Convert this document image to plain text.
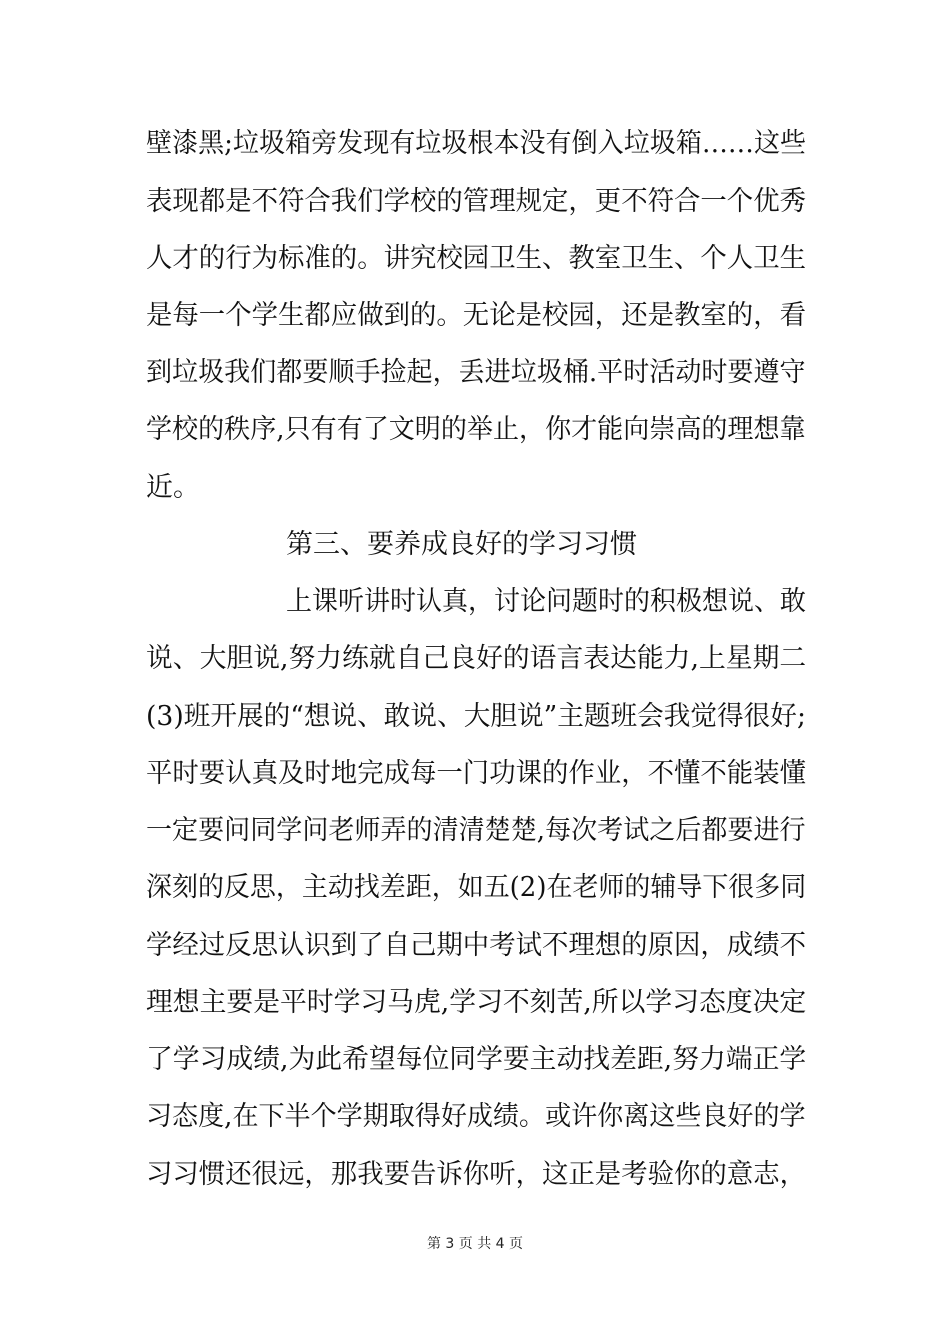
壁漆黑;垃圾箱旁发现有垃圾根本没有倒入垃圾箱……这些
表现都是不符合我们学校的管理规定，更不符合一个优秀
人才的行为标准的。讲究校园卫生、教室卫生、个人卫生
是每一个学生都应做到的。无论是校园，还是教室的，看
到垃圾我们都要顺手捡起，丢进垃圾桶.平时活动时要遵守
学校的秩序,只有有了文明的举止，你才能向崇高的理想靠
近。
第三、要养成良好的学习习惯
上课听讲时认真，讨论问题时的积极想说、敢
说、大胆说,努力练就自己良好的语言表达能力,上星期二
(3)班开展的“想说、敢说、大胆说”主题班会我觉得很好;
平时要认真及时地完成每一门功课的作业，不懂不能装懂
一定要问同学问老师弄的清清楚楚,每次考试之后都要进行
深刻的反思，主动找差距，如五(2)在老师的辅导下很多同
学经过反思认识到了自己期中考试不理想的原因，成绩不
理想主要是平时学习马虎,学习不刻苦,所以学习态度决定
了学习成绩,为此希望每位同学要主动找差距,努力端正学
习态度,在下半个学期取得好成绩。或许你离这些良好的学
习习惯还很远，那我要告诉你听，这正是考验你的意志，
第 3 页 共 4 页
